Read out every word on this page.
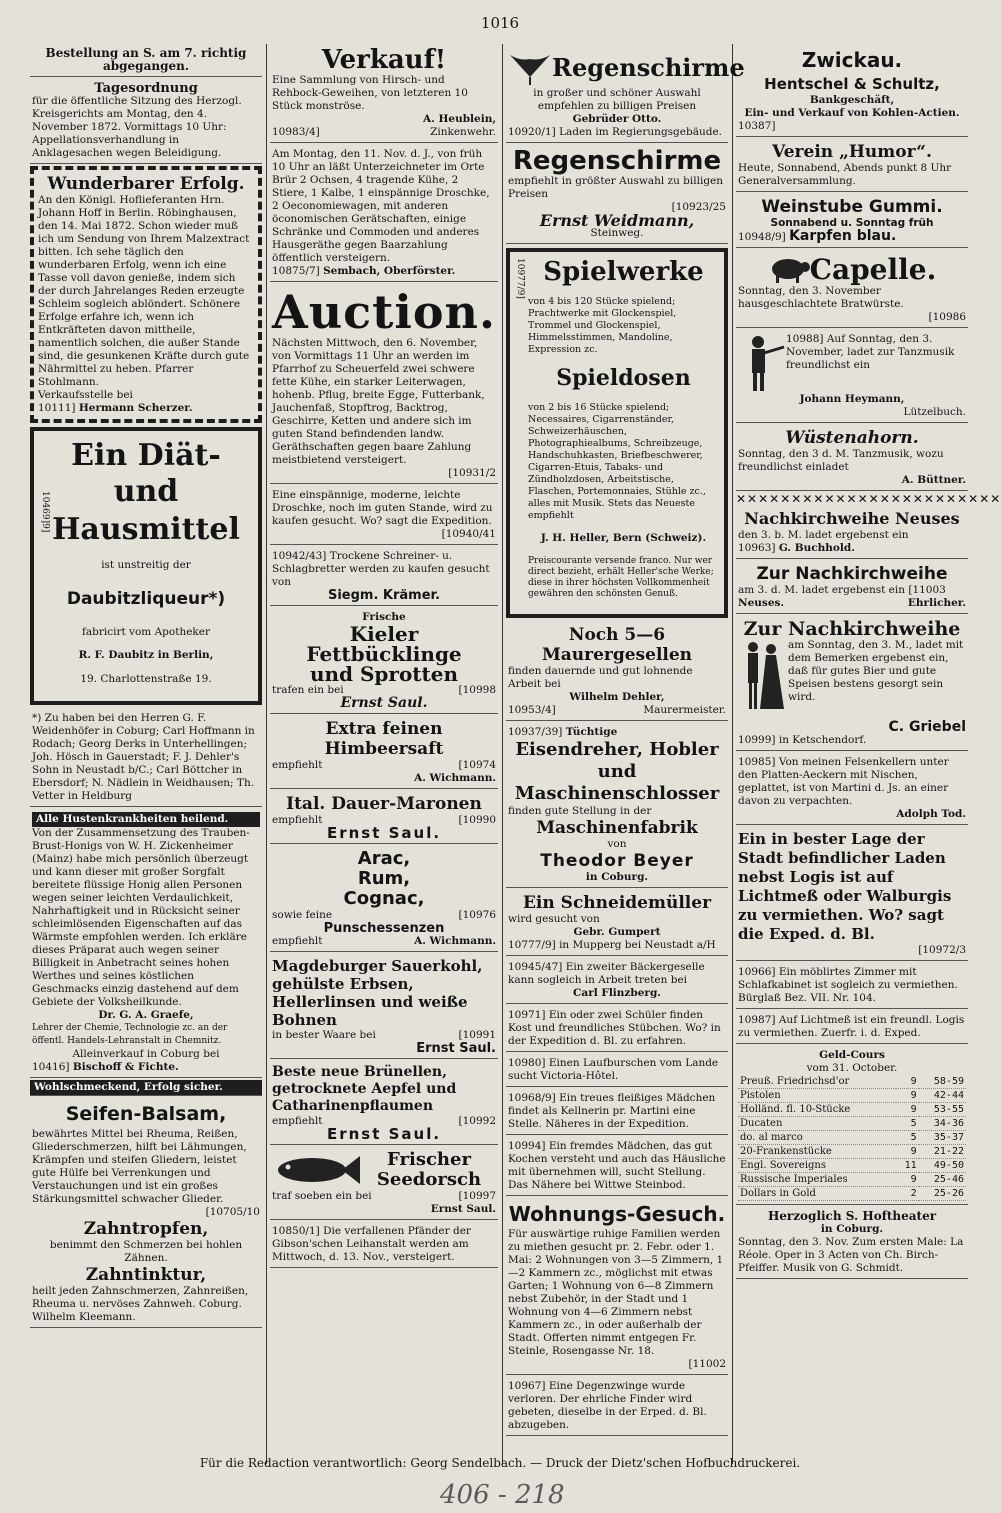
1016
Bestellung an S. am 7. richtig abgegangen.

Tagesordnung

für die öffentliche Sitzung des Herzogl. Kreisgerichts am Montag, den 4. November 1872. Vormittags 10 Uhr: Appellationsverhandlung in Anklagesachen wegen Beleidigung.

Wunderbarer Erfolg.

An den Königl. Hoflieferanten Hrn. Johann Hoff in Berlin. Röbinghausen, den 14. Mai 1872. Schon wieder muß ich um Sendung von Ihrem Malzextract bitten. Ich sehe täglich den wunderbaren Erfolg, wenn ich eine Tasse voll davon genieße, indem sich der durch Jahrelanges Reden erzeugte Schleim sogleich ablöndert. Schönere Erfolge erfahre ich, wenn ich Entkräfteten davon mittheile, namentlich solchen, die außer Stande sind, die gesunkenen Kräfte durch gute Nährmittel zu heben. Pfarrer Stohlmann.

Verkaufsstelle bei

10111] Hermann Scherzer.

10469]9]

Ein Diät- und

Hausmittel

ist unstreitig der

Daubitzliqueur*)

fabricirt vom Apotheker

R. F. Daubitz in Berlin,

19. Charlottenstraße 19.

*) Zu haben bei den Herren G. F. Weidenhöfer in Coburg; Carl Hoffmann in Rodach; Georg Derks in Unterhellingen; Joh. Hösch in Gauerstadt; F. J. Dehler's Sohn in Neustadt b/C.; Carl Böttcher in Ebersdorf; N. Nädlein in Weidhausen; Th. Vetter in Heldburg

Alle Hustenkrankheiten heilend.

Von der Zusammensetzung des Trauben-Brust-Honigs von W. H. Zickenheimer (Mainz) habe mich persönlich überzeugt und kann dieser mit großer Sorgfalt bereitete flüssige Honig allen Personen wegen seiner leichten Verdaulichkeit, Nahrhaftigkeit und in Rücksicht seiner schleimlösenden Eigenschaften auf das Wärmste empfohlen werden. Ich erkläre dieses Präparat auch wegen seiner Billigkeit in Anbetracht seines hohen Werthes und seines köstlichen Geschmacks einzig dastehend auf dem Gebiete der Volksheilkunde.

Dr. G. A. Graefe,

Lehrer der Chemie, Technologie zc. an der öffentl. Handels-Lehranstalt in Chemnitz.

Alleinverkauf in Coburg bei

10416] Bischoff & Fichte.

Wohlschmeckend, Erfolg sicher.

Seifen-Balsam,

bewährtes Mittel bei Rheuma, Reißen, Gliederschmerzen, hilft bei Lähmungen, Krämpfen und steifen Gliedern, leistet gute Hülfe bei Verrenkungen und Verstauchungen und ist ein großes Stärkungsmittel schwacher Glieder.

[10705/10

Zahntropfen,

benimmt den Schmerzen bei hohlen Zähnen.

Zahntinktur,

heilt jeden Zahnschmerzen, Zahnreißen, Rheuma u. nervöses Zahnweh. Coburg. Wilhelm Kleemann.

Verkauf!

Eine Sammlung von Hirsch- und Rehbock-Geweihen, von letzteren 10 Stück monströse.

A. Heublein,

10983/4]	Zinkenwehr.

Am Montag, den 11. Nov. d. J., von früh 10 Uhr an läßt Unterzeichneter im Orte Brür 2 Ochsen, 4 tragende Kühe, 2 Stiere, 1 Kalbe, 1 einspännige Droschke, 2 Oeconomiewagen, mit anderen öconomischen Gerätschaften, einige Schränke und Commoden und anderes Hausgeräthe gegen Baarzahlung öffentlich versteigern.

10875/7] Sembach, Oberförster.

Auction.

Nächsten Mittwoch, den 6. November, von Vormittags 11 Uhr an werden im Pfarrhof zu Scheuerfeld zwei schwere fette Kühe, ein starker Leiterwagen, hohenb. Pflug, breite Egge, Futterbank, Jauchenfaß, Stopftrog, Backtrog, Geschirre, Ketten und andere sich im guten Stand befindenden landw. Geräthschaften gegen baare Zahlung meistbietend versteigert.

[10931/2

Eine einspännige, moderne, leichte Droschke, noch im guten Stande, wird zu kaufen gesucht. Wo? sagt die Expedition.

[10940/41

10942/43] Trockene Schreiner- u. Schlagbretter werden zu kaufen gesucht von

Siegm. Krämer.

Frische

Kieler Fettbücklinge

und Sprotten

trafen ein bei	[10998

Ernst Saul.

Extra feinen Himbeersaft

empfiehlt	[10974

A. Wichmann.

Ital. Dauer-Maronen

empfiehlt	[10990

Ernst Saul.

Arac,

Rum,

Cognac,

sowie feine	[10976

Punschessenzen

empfiehlt	A. Wichmann.

Magdeburger Sauerkohl, gehülste Erbsen, Hellerlinsen und weiße Bohnen

in bester Waare bei	[10991

Ernst Saul.

Beste neue Brünellen, getrocknete Aepfel und Catharinenpflaumen

empfiehlt	[10992

Ernst Saul.

Frischer Seedorsch

traf soeben ein bei	[10997

Ernst Saul.

10850/1] Die verfallenen Pfänder der Gibson'schen Leihanstalt werden am Mittwoch, d. 13. Nov., versteigert.

Regenschirme

in großer und schöner Auswahl empfehlen zu billigen Preisen

Gebrüder Otto.

10920/1] Laden im Regierungsgebäude.

Regenschirme

empfiehlt in größter Auswahl zu billigen Preisen

[10923/25

Ernst Weidmann,

Steinweg.

10977/9] Spielwerke

von 4 bis 120 Stücke spielend; Prachtwerke mit Glockenspiel, Trommel und Glockenspiel, Himmelsstimmen, Mandoline, Expression zc.

Spieldosen

von 2 bis 16 Stücke spielend; Necessaires, Cigarrenständer, Schweizerhäuschen, Photographiealbums, Schreibzeuge, Handschuhkasten, Briefbeschwerer, Cigarren-Etuis, Tabaks- und Zündholzdosen, Arbeitstische, Flaschen, Portemonnaies, Stühle zc., alles mit Musik. Stets das Neueste empfiehlt

J. H. Heller, Bern (Schweiz).

Preiscourante versende franco. Nur wer direct bezieht, erhält Heller'sche Werke; diese in ihrer höchsten Vollkommenheit gewähren den schönsten Genuß.

Noch 5—6 Maurergesellen

finden dauernde und gut lohnende Arbeit bei

Wilhelm Dehler,

10953/4]	Maurermeister.

10937/39] Tüchtige

Eisendreher, Hobler und Maschinenschlosser

finden gute Stellung in der

Maschinenfabrik

von

Theodor Beyer

in Coburg.

Ein Schneidemüller

wird gesucht von

Gebr. Gumpert

10777/9] in Mupperg bei Neustadt a/H

10945/47] Ein zweiter Bäckergeselle kann sogleich in Arbeit treten bei

Carl Flinzberg.

10971] Ein oder zwei Schüler finden Kost und freundliches Stübchen. Wo? in der Expedition d. Bl. zu erfahren.
10980] Einen Laufburschen vom Lande sucht Victoria-Hôtel.
10968/9] Ein treues fleißiges Mädchen findet als Kellnerin pr. Martini eine Stelle. Näheres in der Expedition.
10994] Ein fremdes Mädchen, das gut Kochen versteht und auch das Häusliche mit übernehmen will, sucht Stellung. Das Nähere bei Wittwe Steinbod.

Wohnungs-Gesuch.

Für auswärtige ruhige Familien werden zu miethen gesucht pr. 2. Febr. oder 1. Mai: 2 Wohnungen von 3—5 Zimmern, 1—2 Kammern zc., möglichst mit etwas Garten; 1 Wohnung von 6—8 Zimmern nebst Zubehör, in der Stadt und 1 Wohnung von 4—6 Zimmern nebst Kammern zc., in oder außerhalb der Stadt. Offerten nimmt entgegen Fr. Steinle, Rosengasse Nr. 18.

[11002

10967] Eine Degenzwinge wurde verloren. Der ehrliche Finder wird gebeten, dieselbe in der Erped. d. Bl. abzugeben.

Zwickau.

Hentschel & Schultz,

Bankgeschäft,

Ein- und Verkauf von Kohlen-Actien.

10387]

Verein „Humor“.

Heute, Sonnabend, Abends punkt 8 Uhr Generalversammlung.

Weinstube Gummi.

Sonnabend u. Sonntag früh

10948/9] Karpfen blau.

Capelle.

Sonntag, den 3. November hausgeschlachtete Bratwürste.

[10986

10988] Auf Sonntag, den 3. November, ladet zur Tanzmusik freundlichst ein

Johann Heymann,

Lützelbuch.

Wüstenahorn.

Sonntag, den 3 d. M. Tanzmusik, wozu freundlichst einladet

A. Büttner.

✕✕✕✕✕✕✕✕✕✕✕✕✕✕✕✕✕✕✕✕✕✕✕✕

Nachkirchweihe Neuses

den 3. b. M. ladet ergebenst ein

10963] G. Buchhold.

Zur Nachkirchweihe

am 3. d. M. ladet ergebenst ein [11003

Neuses.	Ehrlicher.

Zur Nachkirchweihe

am Sonntag, den 3. M., ladet mit dem Bemerken ergebenst ein, daß für gutes Bier und gute Speisen bestens gesorgt sein wird.

C. Griebel

10999] in Ketschendorf.

10985] Von meinen Felsenkellern unter den Platten-Aeckern mit Nischen, geplattet, ist von Martini d. Js. an einer davon zu verpachten.

Adolph Tod.

Ein in bester Lage der Stadt befindlicher Laden nebst Logis ist auf Lichtmeß oder Walburgis zu vermiethen. Wo? sagt die Exped. d. Bl.

[10972/3

10966] Ein möblirtes Zimmer mit Schlafkabinet ist sogleich zu vermiethen. Bürglaß Bez. VII. Nr. 104.
10987] Auf Lichtmeß ist ein freundl. Logis zu vermiethen. Zuerfr. i. d. Exped.

Geld-Cours

vom 31. October.

Preuß. Friedrichsd'or	9	58-59
Pistolen	9	42-44
Holländ. fl. 10-Stücke	9	53-55
Ducaten	5	34-36
do. al marco	5	35-37
20-Frankenstücke	9	21-22
Engl. Sovereigns	11	49-50
Russische Imperiales	9	25-46
Dollars in Gold	2	25-26

Herzoglich S. Hoftheater

in Coburg.

Sonntag, den 3. Nov. Zum ersten Male: La Réole. Oper in 3 Acten von Ch. Birch-Pfeiffer. Musik von G. Schmidt.

Für die Redaction verantwortlich: Georg Sendelbach. — Druck der Dietz'schen Hofbuchdruckerei.
406 - 218
